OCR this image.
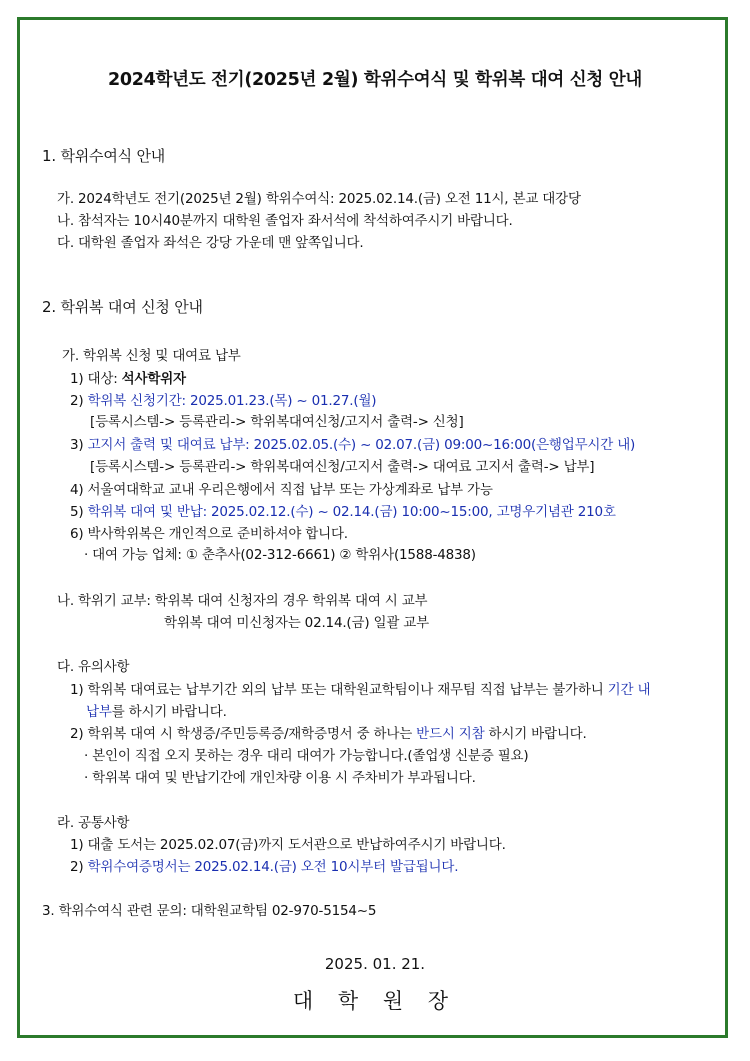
2024학년도 전기(2025년 2월) 학위수여식 및 학위복 대여 신청 안내
1. 학위수여식 안내
가. 2024학년도 전기(2025년 2월) 학위수여식: 2025.02.14.(금) 오전 11시, 본교 대강당
나. 참석자는 10시40분까지 대학원 졸업자 좌서석에 착석하여주시기 바랍니다.
다. 대학원 졸업자 좌석은 강당 가운데 맨 앞쪽입니다.
2. 학위복 대여 신청 안내
가. 학위복 신청 및 대여료 납부
1) 대상: 석사학위자
2) 학위복 신청기간: 2025.01.23.(목) ~ 01.27.(월)
[등록시스템-> 등록관리-> 학위복대여신청/고지서 출력-> 신청]
3) 고지서 출력 및 대여료 납부: 2025.02.05.(수) ~ 02.07.(금) 09:00~16:00(은행업무시간 내)
[등록시스템-> 등록관리-> 학위복대여신청/고지서 출력-> 대여료 고지서 출력-> 납부]
4) 서울여대학교 교내 우리은행에서 직접 납부 또는 가상계좌로 납부 가능
5) 학위복 대여 및 반납: 2025.02.12.(수) ~ 02.14.(금) 10:00~15:00, 고명우기념관 210호
6) 박사학위복은 개인적으로 준비하셔야 합니다.
· 대여 가능 업체: ① 춘추사(02-312-6661) ② 학위사(1588-4838)
나. 학위기 교부: 학위복 대여 신청자의 경우 학위복 대여 시 교부
학위복 대여 미신청자는 02.14.(금) 일괄 교부
다. 유의사항
1) 학위복 대여료는 납부기간 외의 납부 또는 대학원교학팀이나 재무팀 직접 납부는 불가하니 기간 내
납부를 하시기 바랍니다.
2) 학위복 대여 시 학생증/주민등록증/재학증명서 중 하나는 반드시 지참 하시기 바랍니다.
· 본인이 직접 오지 못하는 경우 대리 대여가 가능합니다.(졸업생 신분증 필요)
· 학위복 대여 및 반납기간에 개인차량 이용 시 주차비가 부과됩니다.
라. 공통사항
1) 대출 도서는 2025.02.07(금)까지 도서관으로 반납하여주시기 바랍니다.
2) 학위수여증명서는 2025.02.14.(금) 오전 10시부터 발급됩니다.
3. 학위수여식 관련 문의: 대학원교학팀 02-970-5154~5
2025. 01. 21.
대 학 원 장
